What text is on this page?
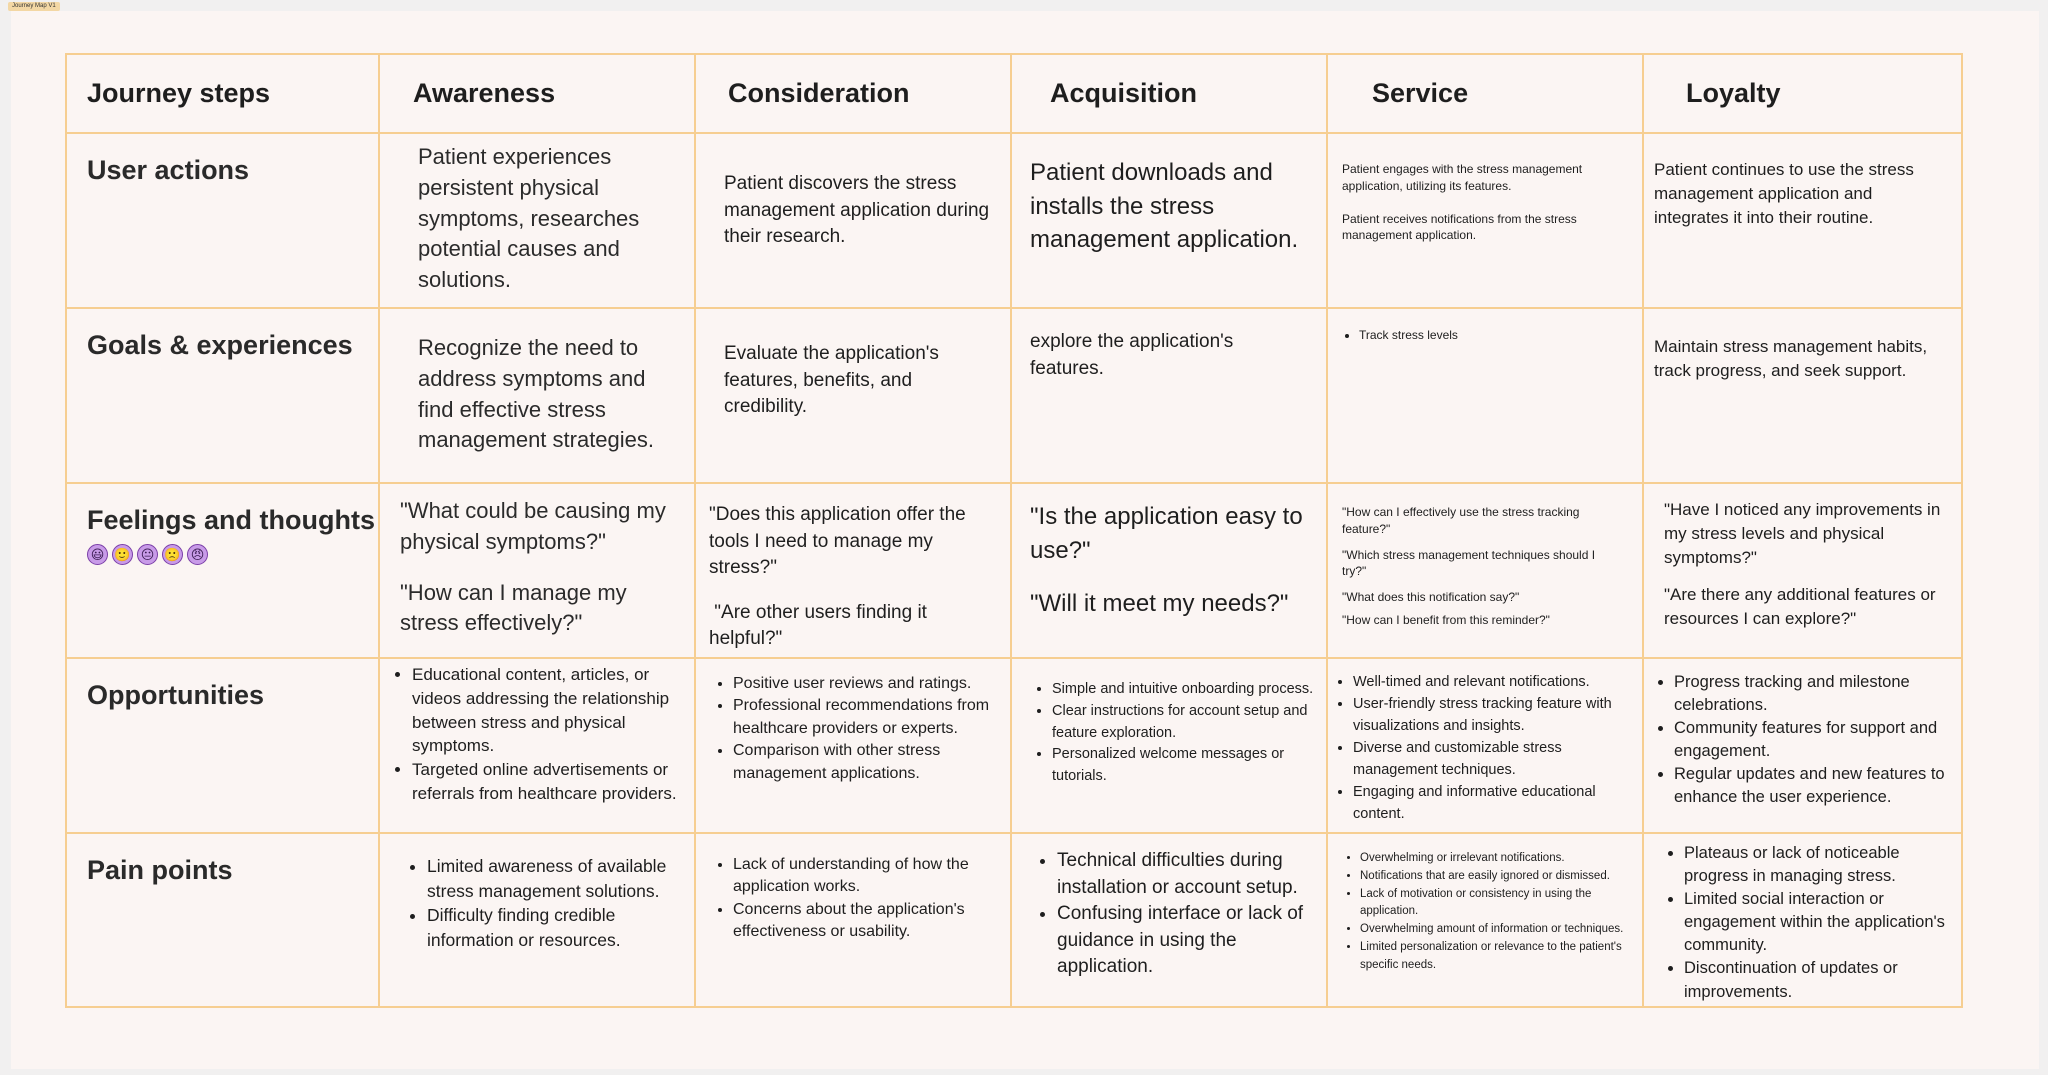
Journey Map V1
Journey steps	Awareness	Consideration	Acquisition	Service	Loyalty
User actions	Patient experiences persistent physical symptoms, researches potential causes and solutions.
Patient discovers the stress management application during their research.
Patient downloads and installs the stress management application.

Patient engages with the stress management application, utilizing its features.

Patient receives notifications from the stress management application.

Patient continues to use the stress management application and integrates it into their routine.
Goals & experiences	Recognize the need to address symptoms and find effective stress management strategies.
Evaluate the application's features, benefits, and credibility.
explore the application's features.
• Track stress levels
Maintain stress management habits, track progress, and seek support.
Feelings and thoughts
😃 🙂 😐 🙁 😠

"What could be causing my physical symptoms?"

"How can I manage my stress effectively?"

"Does this application offer the tools I need to manage my stress?"

"Are other users finding it helpful?"

"Is the application easy to use?"

"Will it meet my needs?"

"How can I effectively use the stress tracking feature?"

"Which stress management techniques should I try?"

"What does this notification say?"

"How can I benefit from this reminder?"

"Have I noticed any improvements in my stress levels and physical symptoms?"

"Are there any additional features or resources I can explore?"

Opportunities
• Educational content, articles, or videos addressing the relationship between stress and physical symptoms.
• Targeted online advertisements or referrals from healthcare providers.
• Positive user reviews and ratings.
• Professional recommendations from healthcare providers or experts.
• Comparison with other stress management applications.
• Simple and intuitive onboarding process.
• Clear instructions for account setup and feature exploration.
• Personalized welcome messages or tutorials.
• Well-timed and relevant notifications.
• User-friendly stress tracking feature with visualizations and insights.
• Diverse and customizable stress management techniques.
• Engaging and informative educational content.
• Progress tracking and milestone celebrations.
• Community features for support and engagement.
• Regular updates and new features to enhance the user experience.
Pain points
•	Limited awareness of available stress management solutions.
• Difficulty finding credible information or resources.
• Lack of understanding of how the application works.
• Concerns about the application's effectiveness or usability.
• Technical difficulties during installation or account setup.
• Confusing interface or lack of guidance in using the application.
• Overwhelming or irrelevant notifications.
• Notifications that are easily ignored or dismissed.
• Lack of motivation or consistency in using the application.
• Overwhelming amount of information or techniques.
• Limited personalization or relevance to the patient's specific needs.
• Plateaus or lack of noticeable progress in managing stress.
• Limited social interaction or engagement within the application's community.
• Discontinuation of updates or improvements.
